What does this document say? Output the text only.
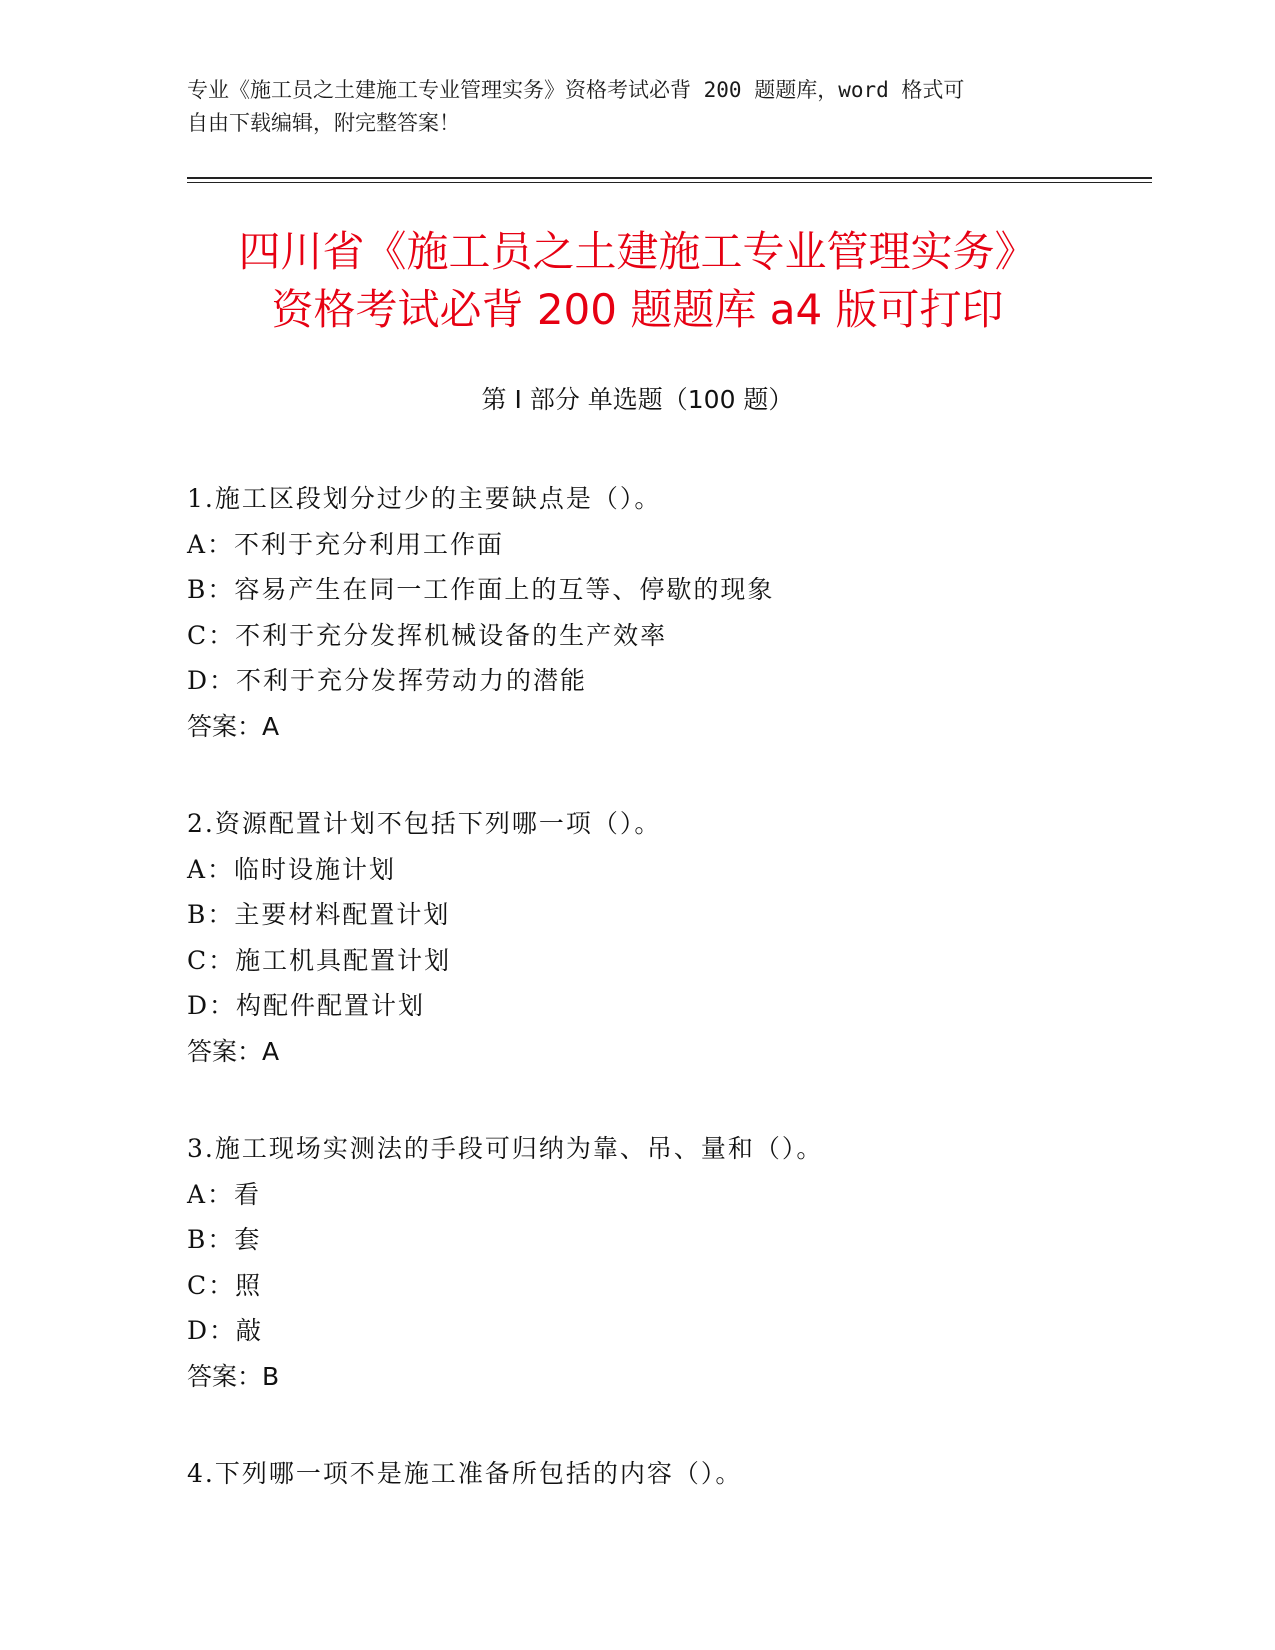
专业《施工员之土建施工专业管理实务》资格考试必背 200 题题库，word 格式可
自由下载编辑，附完整答案！
四川省《施工员之土建施工专业管理实务》
资格考试必背 200 题题库 a4 版可打印
第 I 部分 单选题（100 题）
1.施工区段划分过少的主要缺点是（）。
A：不利于充分利用工作面
B：容易产生在同一工作面上的互等、停歇的现象
C：不利于充分发挥机械设备的生产效率
D：不利于充分发挥劳动力的潜能
答案：A
2.资源配置计划不包括下列哪一项（）。
A：临时设施计划
B：主要材料配置计划
C：施工机具配置计划
D：构配件配置计划
答案：A
3.施工现场实测法的手段可归纳为靠、吊、量和（）。
A：看
B：套
C：照
D：敲
答案：B
4.下列哪一项不是施工准备所包括的内容（）。
